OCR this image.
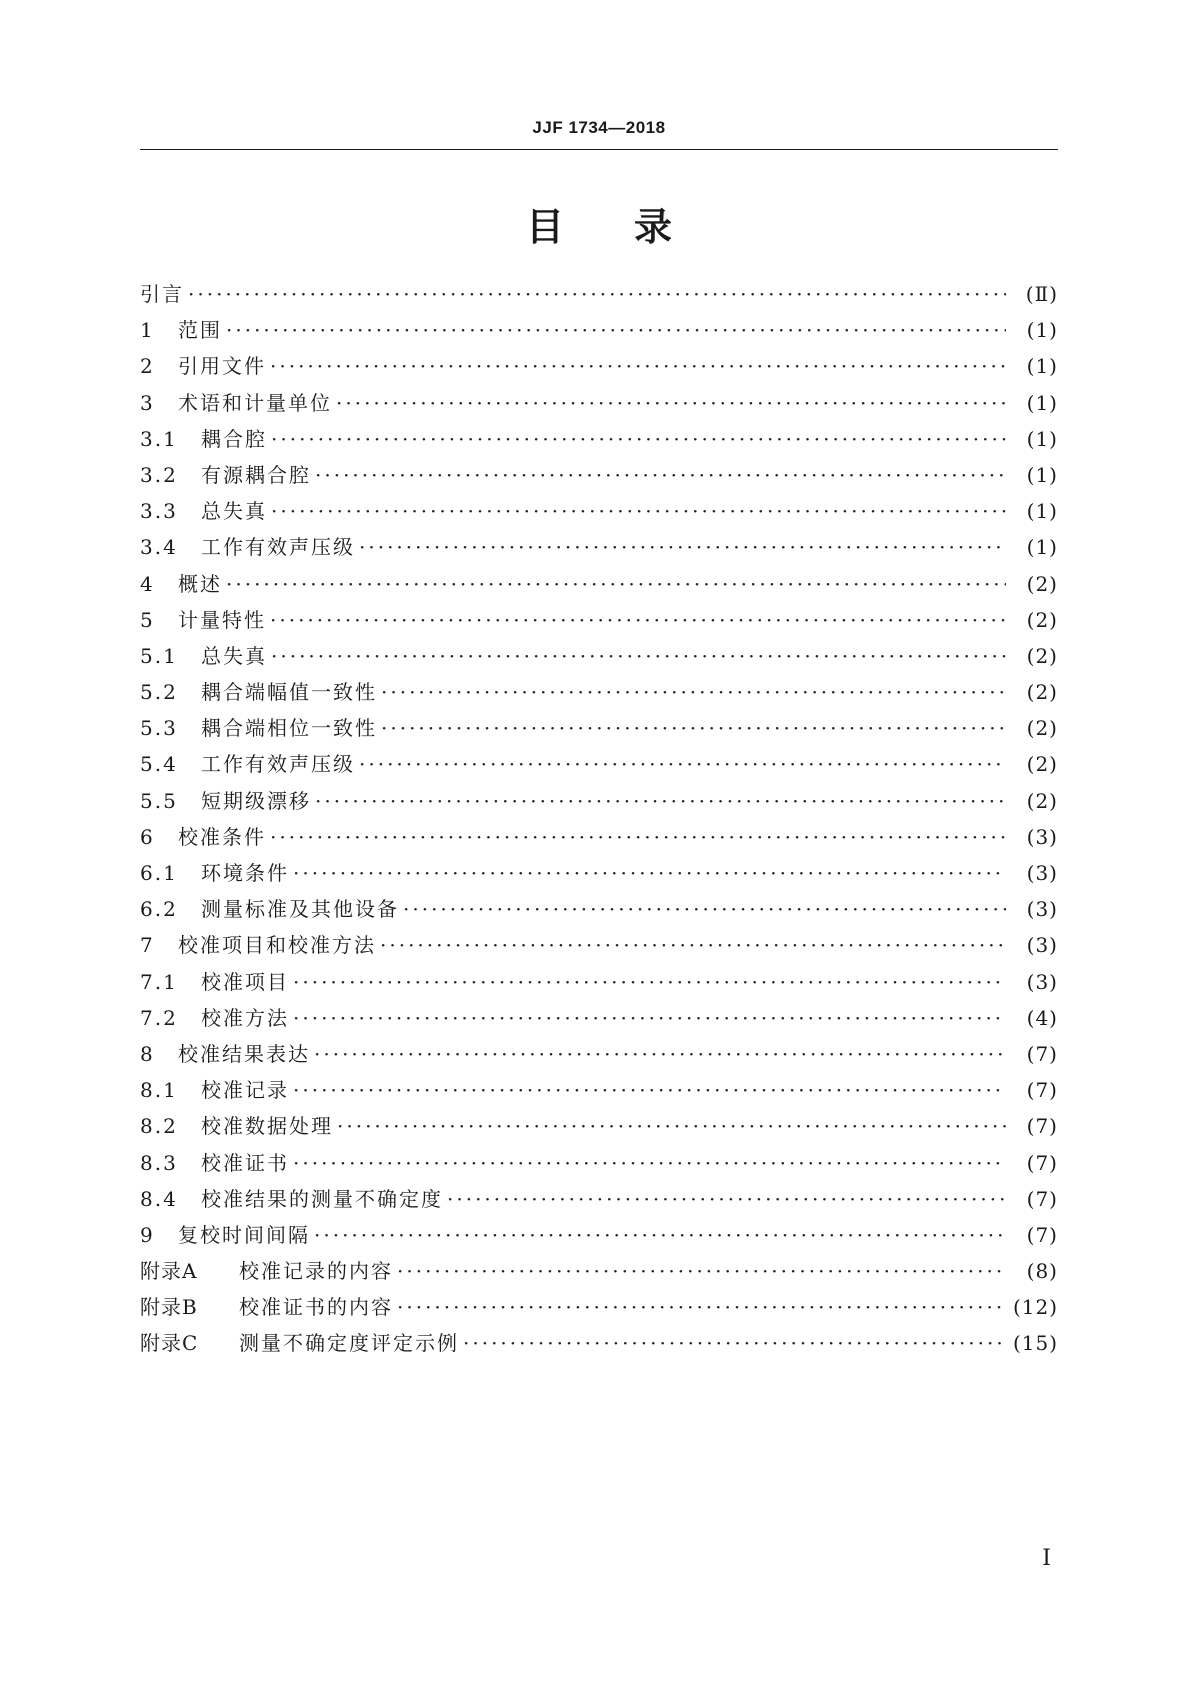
JJF 1734—2018
目录
引言 ·····	(Ⅱ)
1	范围 ·····	(1)
2	引用文件 ·····	(1)
3	术语和计量单位 ·····	(1)
3.1	耦合腔 ·····	(1)
3.2	有源耦合腔 ·····	(1)
3.3	总失真 ·····	(1)
3.4	工作有效声压级 ·····	(1)
4	概述 ·····	(2)
5	计量特性 ·····	(2)
5.1	总失真 ·····	(2)
5.2	耦合端幅值一致性 ·····	(2)
5.3	耦合端相位一致性 ·····	(2)
5.4	工作有效声压级 ·····	(2)
5.5	短期级漂移 ·····	(2)
6	校准条件 ·····	(3)
6.1	环境条件 ·····	(3)
6.2	测量标准及其他设备 ·····	(3)
7	校准项目和校准方法 ·····	(3)
7.1	校准项目 ·····	(3)
7.2	校准方法 ·····	(4)
8	校准结果表达 ·····	(7)
8.1	校准记录 ·····	(7)
8.2	校准数据处理 ·····	(7)
8.3	校准证书 ·····	(7)
8.4	校准结果的测量不确定度 ·····	(7)
9	复校时间间隔 ·····	(7)
附录A	校准记录的内容 ·····	(8)
附录B	校准证书的内容 ·····	(12)
附录C	测量不确定度评定示例 ·····	(15)
Ⅰ
